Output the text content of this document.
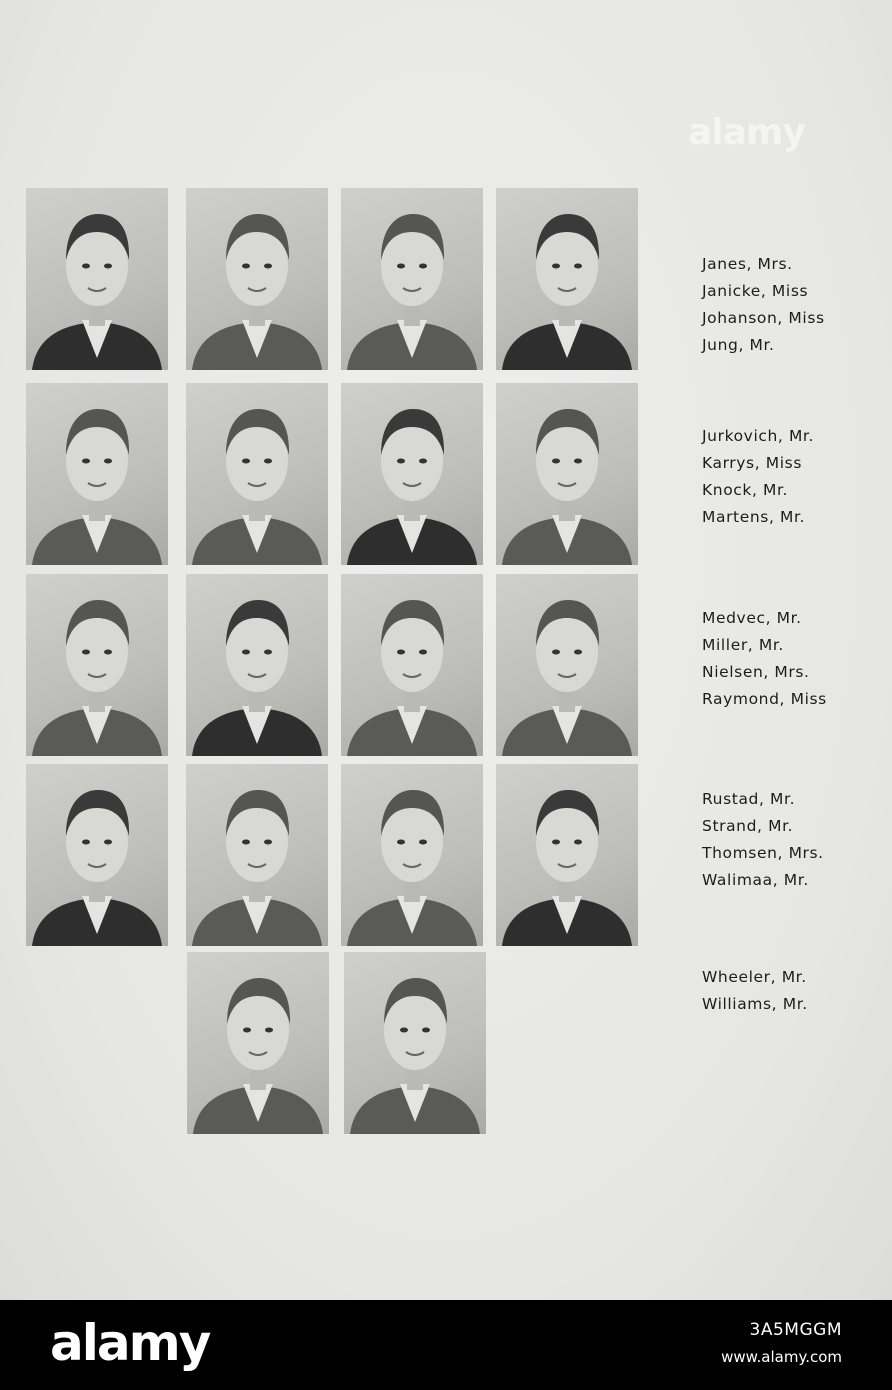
alamy
Janes, Mrs.
Janicke, Miss
Johanson, Miss
Jung, Mr.
Jurkovich, Mr.
Karrys, Miss
Knock, Mr.
Martens, Mr.
Medvec, Mr.
Miller, Mr.
Nielsen, Mrs.
Raymond, Miss
Rustad, Mr.
Strand, Mr.
Thomsen, Mrs.
Walimaa, Mr.
Wheeler, Mr.
Williams, Mr.
alamy	3A5MGGM
www.alamy.com
